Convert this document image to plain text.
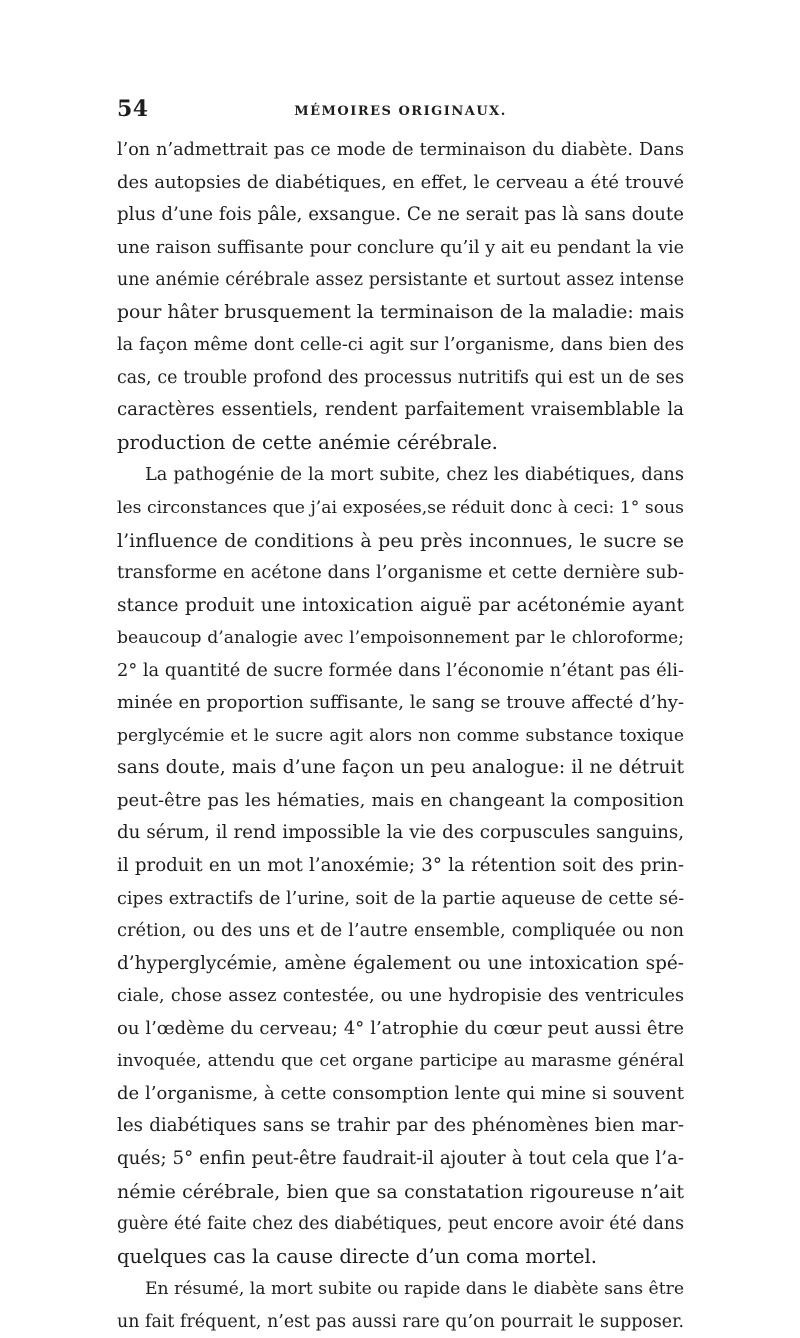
54	MÉMOIRES ORIGINAUX.
l’on n’admettrait pas ce mode de terminaison du diabète. Dans
des autopsies de diabétiques, en effet, le cerveau a été trouvé
plus d’une fois pâle, exsangue. Ce ne serait pas là sans doute
une raison suffisante pour conclure qu’il y ait eu pendant la vie
une anémie cérébrale assez persistante et surtout assez intense
pour hâter brusquement la terminaison de la maladie: mais
la façon même dont celle-ci agit sur l’organisme, dans bien des
cas, ce trouble profond des processus nutritifs qui est un de ses
caractères essentiels, rendent parfaitement vraisemblable la
production de cette anémie cérébrale.
La pathogénie de la mort subite, chez les diabétiques, dans
les circonstances que j’ai exposées,se réduit donc à ceci: 1° sous
l’influence de conditions à peu près inconnues, le sucre se
transforme en acétone dans l’organisme et cette dernière sub-
stance produit une intoxication aiguë par acétonémie ayant
beaucoup d’analogie avec l’empoisonnement par le chloroforme;
2° la quantité de sucre formée dans l’économie n’étant pas éli-
minée en proportion suffisante, le sang se trouve affecté d’hy-
perglycémie et le sucre agit alors non comme substance toxique
sans doute, mais d’une façon un peu analogue: il ne détruit
peut-être pas les hématies, mais en changeant la composition
du sérum, il rend impossible la vie des corpuscules sanguins,
il produit en un mot l’anoxémie; 3° la rétention soit des prin-
cipes extractifs de l’urine, soit de la partie aqueuse de cette sé-
crétion, ou des uns et de l’autre ensemble, compliquée ou non
d’hyperglycémie, amène également ou une intoxication spé-
ciale, chose assez contestée, ou une hydropisie des ventricules
ou l’œdème du cerveau; 4° l’atrophie du cœur peut aussi être
invoquée, attendu que cet organe participe au marasme général
de l’organisme, à cette consomption lente qui mine si souvent
les diabétiques sans se trahir par des phénomènes bien mar-
qués; 5° enfin peut-être faudrait-il ajouter à tout cela que l’a-
némie cérébrale, bien que sa constatation rigoureuse n’ait
guère été faite chez des diabétiques, peut encore avoir été dans
quelques cas la cause directe d’un coma mortel.
En résumé, la mort subite ou rapide dans le diabète sans être
un fait fréquent, n’est pas aussi rare qu’on pourrait le supposer.
